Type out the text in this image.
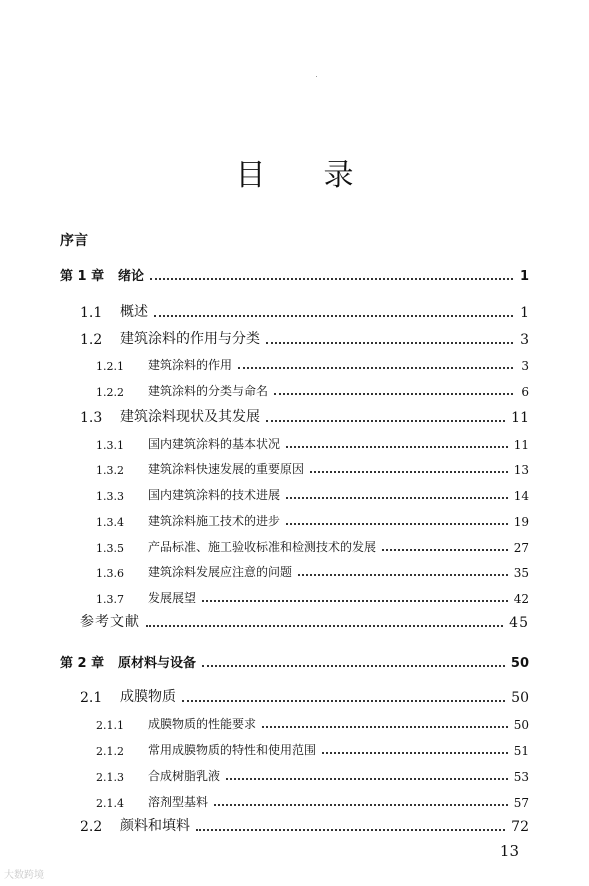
目 录
序言
第 1 章	绪论	1
1.1	概述	1
1.2	建筑涂料的作用与分类	3
1.2.1	建筑涂料的作用	3
1.2.2	建筑涂料的分类与命名	6
1.3	建筑涂料现状及其发展	11
1.3.1	国内建筑涂料的基本状况	11
1.3.2	建筑涂料快速发展的重要原因	13
1.3.3	国内建筑涂料的技术进展	14
1.3.4	建筑涂料施工技术的进步	19
1.3.5	产品标准、施工验收标准和检测技术的发展	27
1.3.6	建筑涂料发展应注意的问题	35
1.3.7	发展展望	42
参考文献	45
第 2 章	原材料与设备	50
2.1	成膜物质	50
2.1.1	成膜物质的性能要求	50
2.1.2	常用成膜物质的特性和使用范围	51
2.1.3	合成树脂乳液	53
2.1.4	溶剂型基料	57
2.2	颜料和填料	72
13
大数跨境
